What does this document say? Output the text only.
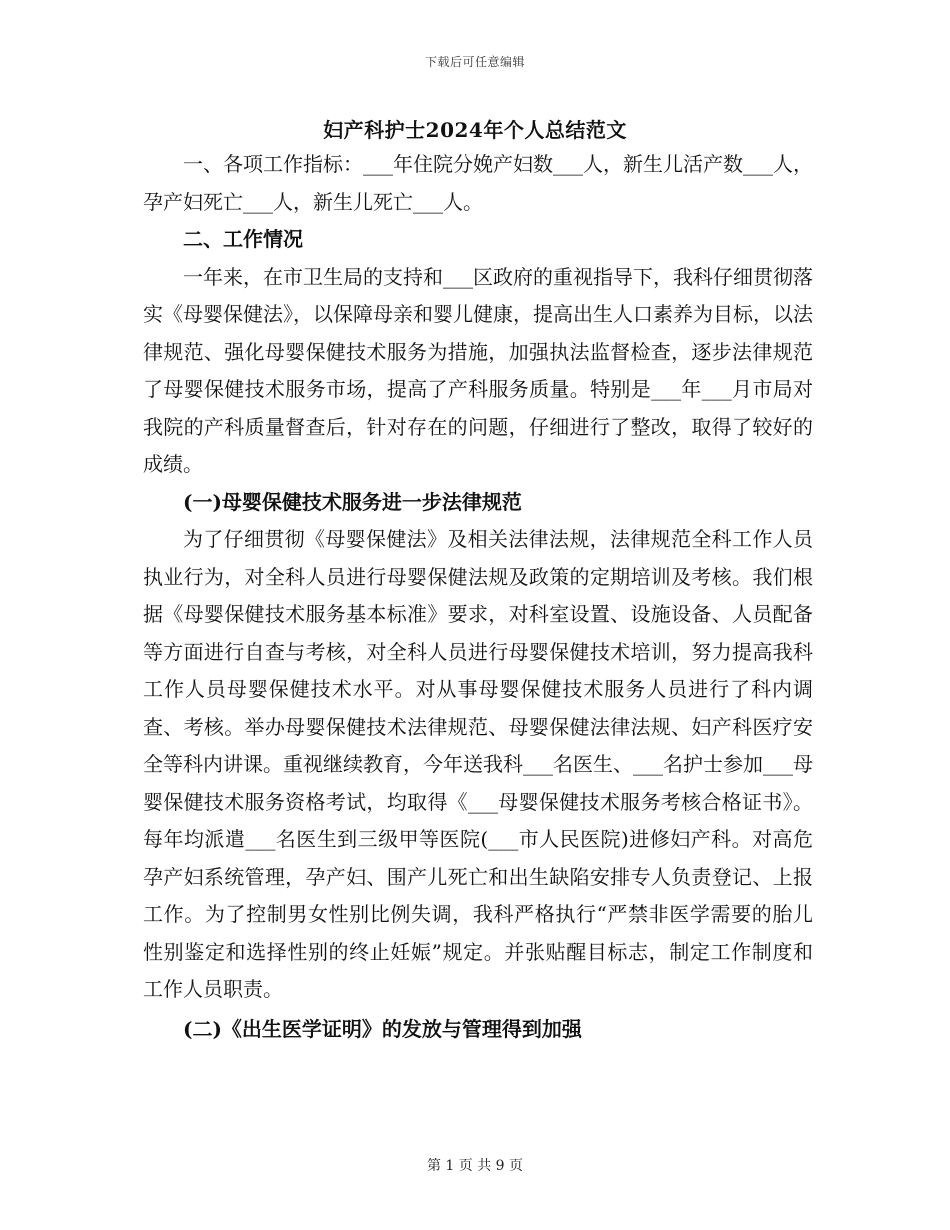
下载后可任意编辑
妇产科护士2024年个人总结范文

一、各项工作指标：___年住院分娩产妇数___人，新生儿活产数___人，孕产妇死亡___人，新生儿死亡___人。

二、工作情况

一年来，在市卫生局的支持和___区政府的重视指导下，我科仔细贯彻落实《母婴保健法》，以保障母亲和婴儿健康，提高出生人口素养为目标，以法律规范、强化母婴保健技术服务为措施，加强执法监督检查，逐步法律规范了母婴保健技术服务市场，提高了产科服务质量。特别是___年___月市局对我院的产科质量督查后，针对存在的问题，仔细进行了整改，取得了较好的成绩。

(一)母婴保健技术服务进一步法律规范

为了仔细贯彻《母婴保健法》及相关法律法规，法律规范全科工作人员执业行为，对全科人员进行母婴保健法规及政策的定期培训及考核。我们根据《母婴保健技术服务基本标准》要求，对科室设置、设施设备、人员配备等方面进行自查与考核，对全科人员进行母婴保健技术培训，努力提高我科工作人员母婴保健技术水平。对从事母婴保健技术服务人员进行了科内调查、考核。举办母婴保健技术法律规范、母婴保健法律法规、妇产科医疗安全等科内讲课。重视继续教育，今年送我科___名医生、___名护士参加___母婴保健技术服务资格考试，均取得《___母婴保健技术服务考核合格证书》。每年均派遣___名医生到三级甲等医院(___市人民医院)进修妇产科。对高危孕产妇系统管理，孕产妇、围产儿死亡和出生缺陷安排专人负责登记、上报工作。为了控制男女性别比例失调，我科严格执行“严禁非医学需要的胎儿性别鉴定和选择性别的终止妊娠”规定。并张贴醒目标志，制定工作制度和工作人员职责。

(二)《出生医学证明》的发放与管理得到加强

第 1 页 共 9 页
